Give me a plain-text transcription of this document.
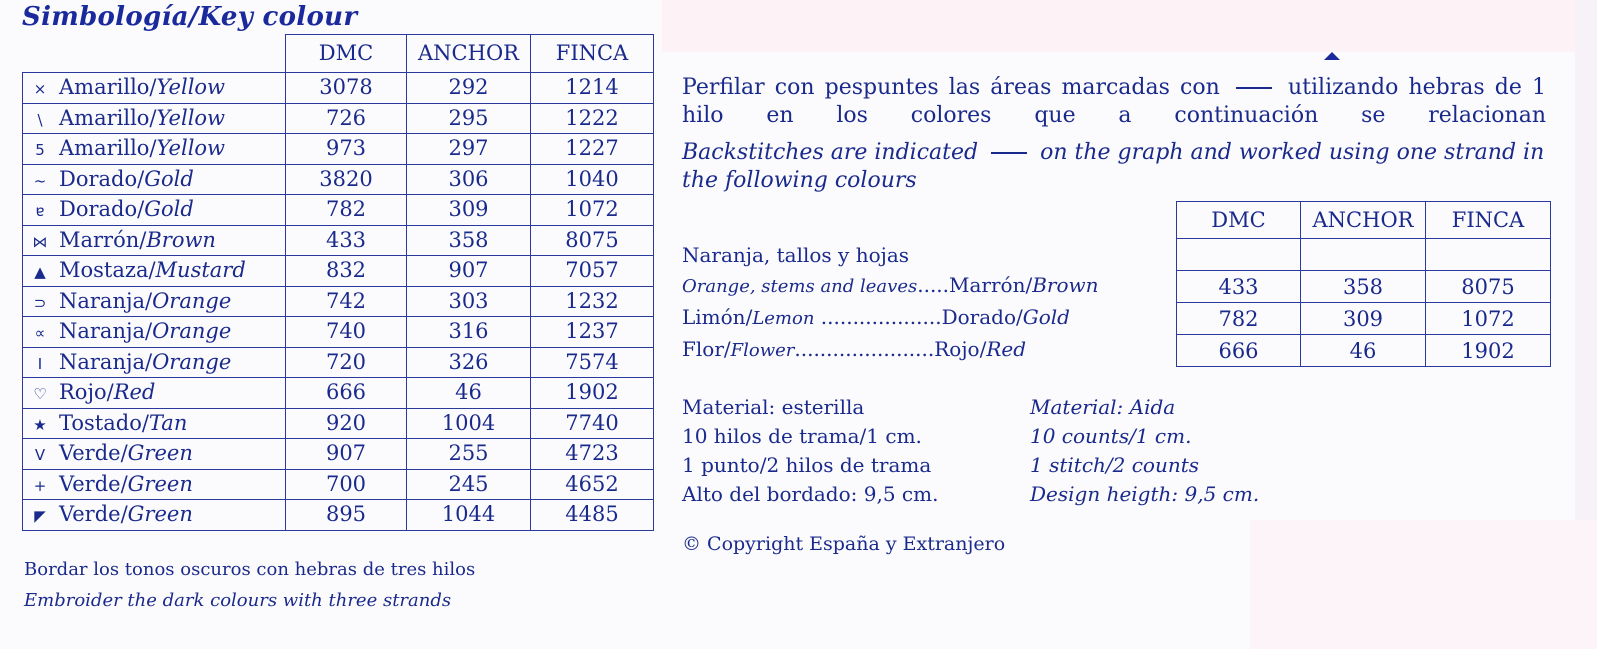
Simbología/Key colour
	DMC	ANCHOR	FINCA
× Amarillo/Yellow	3078	292	1214
\ Amarillo/Yellow	726	295	1222
5 Amarillo/Yellow	973	297	1227
~ Dorado/Gold	3820	306	1040
ɐ Dorado/Gold	782	309	1072
⋈ Marrón/Brown	433	358	8075
▲ Mostaza/Mustard	832	907	7057
⊃ Naranja/Orange	742	303	1232
∝ Naranja/Orange	740	316	1237
I Naranja/Orange	720	326	7574
♡ Rojo/Red	666	46	1902
★ Tostado/Tan	920	1004	7740
V Verde/Green	907	255	4723
+ Verde/Green	700	245	4652
◤ Verde/Green	895	1044	4485
Bordar los tonos oscuros con hebras de tres hilos
Embroider the dark colours with three strands
Perfilar con pespuntes las áreas marcadas con	utilizando hebras de 1 hilo en los colores que a continuación se relacionan
Backstitches are indicated	on the graph and worked using one strand in the following colours
Naranja, tallos y hojas
Orange, stems and leaves.....Marrón/Brown
Limón/Lemon ...................Dorado/Gold
Flor/Flower......................Rojo/Red
DMC	ANCHOR	FINCA

433	358	8075
782	309	1072
666	46	1902
Material: esterilla
10 hilos de trama/1 cm.
1 punto/2 hilos de trama
Alto del bordado: 9,5 cm.
Material: Aida
10 counts/1 cm.
1 stitch/2 counts
Design heigth: 9,5 cm.
© Copyright España y Extranjero
